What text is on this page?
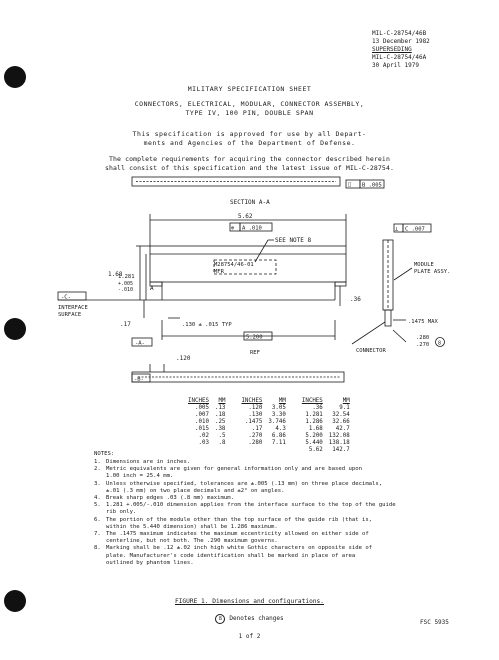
MIL-C-28754/46B
13 December 1982
SUPERSEDING
MIL-C-28754/46A
30 April 1979
MILITARY SPECIFICATION SHEET
CONNECTORS, ELECTRICAL, MODULAR, CONNECTOR ASSEMBLY,
TYPE IV, 100 PIN, DOUBLE SPAN
This specification is approved for use by all Depart-
ments and Agencies of the Department of Defense.
The complete requirements for acquiring the connector described herein
shall consist of this specification and the latest issue of MIL-C-28754.
⌷ B .005
SECTION A-A
5.62
⊕ A .010
SEE NOTE 8
M28754/46-01
MFR
1.68
1.281
+.005
-.010	A
-C-
INTERFACE
SURFACE
.17	.130 ± .015 TYP
.36
5.200
REF
-A-
.120
-B-
⊥ C .007
MODULE
PLATE ASSY.
.1475 MAX
.280
.270 8
CONNECTOR
INCHES	MM	INCHES	MM	INCHES	MM
.005	.13	.120	3.05	.36	9.1
.007	.18	.130	3.30	1.281	32.54
.010	.25	.1475	3.746	1.286	32.66
.015	.38	.17	4.3	1.68	42.7
.02	.5	.270	6.86	5.200	132.08
.03	.8	.280	7.11	5.440	138.18
				5.62	142.7
NOTES:
1. Dimensions are in inches.
2. Metric equivalents are given for general information only and are based upon
1.00 inch = 25.4 mm.
3. Unless otherwise specified, tolerances are ±.005 (.13 mm) on three place decimals,
±.01 (.3 mm) on two place decimals and ±2° on angles.
4. Break sharp edges .03 (.8 mm) maximum.
5. 1.281 +.005/-.010 dimension applies from the interface surface to the top of the guide
rib only.
6. The portion of the module other than the top surface of the guide rib (that is,
within the 5.440 dimension) shall be 1.286 maximum.
7. The .1475 maximum indicates the maximum eccentricity allowed on either side of
centerline, but not both. The .290 maximum governs.
8. Marking shall be .12 ±.02 inch high white Gothic characters on opposite side of
plate. Manufacturer's code identification shall be marked in place of area
outlined by phantom lines.
FIGURE 1. Dimensions and configurations.
8 Denotes changes
1 of 2
FSC 5935
